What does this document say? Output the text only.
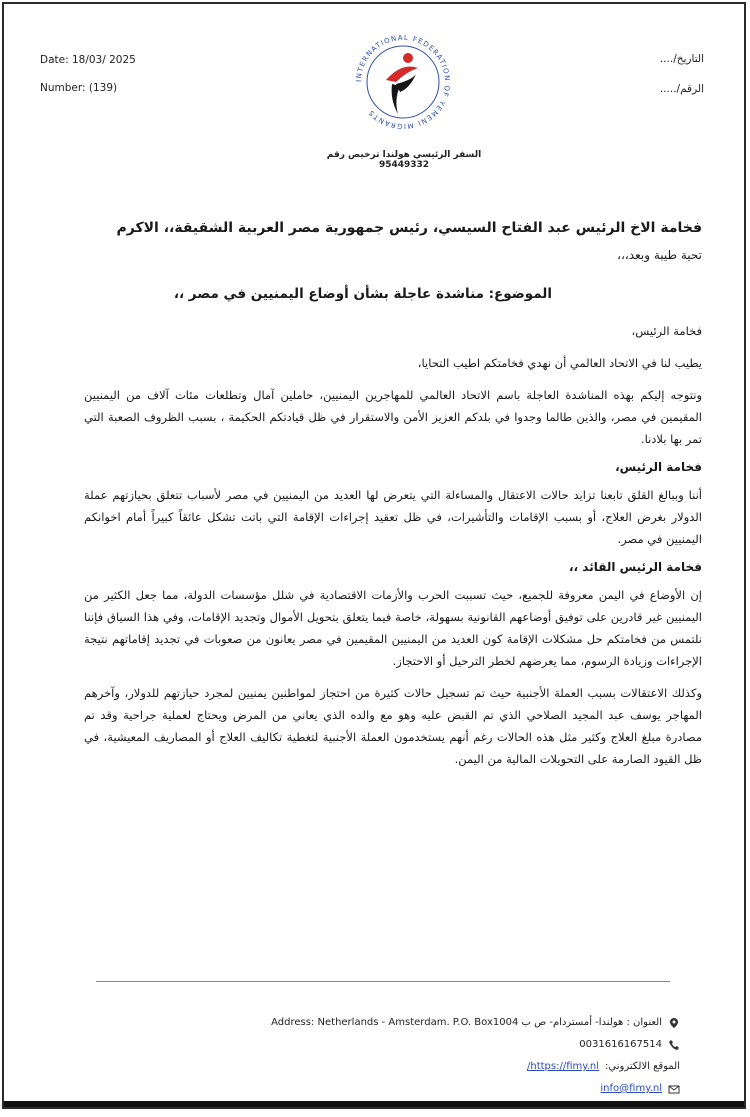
Date: 18/03/ 2025
Number: (139)
التاريخ/....
الرقم/.....
INTERNATIONAL FEDERATION OF YEMENI MIGRANTS
السفر الرئيسي هولندا ترخيص رقم 95449332
فخامة الاخ الرئيس عبد الفتاح السيسي، رئيس جمهورية مصر العربية الشقيقة،، الاكرم
تحية طيبة وبعد،،،
الموضوع: مناشدة عاجلة بشأن أوضاع اليمنيين في مصر ،،
فخامة الرئيس،
يطيب لنا في الاتحاد العالمي أن نهدي فخامتكم اطيب التحايا،
ونتوجه إليكم بهذه المناشدة العاجلة باسم الاتحاد العالمي للمهاجرين اليمنيين، حاملين آمال وتطلعات مئات آلاف من اليمنيين المقيمين في مصر، والذين طالما وجدوا في بلدكم العزيز الأمن والاستقرار في ظل قيادتكم الحكيمة ، بسبب الظروف الصعبة التي تمر بها بلادنا.
فخامة الرئيس،
أننا وببالغ القلق تابعنا تزايد حالات الاعتقال والمساءلة التي يتعرض لها العديد من اليمنيين في مصر لأسباب تتعلق بحيازتهم عملة الدولار بغرض العلاج، أو بسبب الإقامات والتأشيرات، في ظل تعقيد إجراءات الإقامة التي باتت تشكل عائقاً كبيراً أمام اخوانكم اليمنيين في مصر.
فخامة الرئيس القائد ،،
إن الأوضاع في اليمن معروفة للجميع، حيث تسببت الحرب والأزمات الاقتصادية في شلل مؤسسات الدولة، مما جعل الكثير من اليمنيين غير قادرين على توفيق أوضاعهم القانونية بسهولة، خاصة فيما يتعلق بتحويل الأموال وتجديد الإقامات، وفي هذا السياق فإننا نلتمس من فخامتكم حل مشكلات الإقامة كون العديد من اليمنيين المقيمين في مصر يعانون من صعوبات في تجديد إقاماتهم نتيجة الإجراءات وزيادة الرسوم، مما يعرضهم لخطر الترحيل أو الاحتجاز.
وكذلك الاعتقالات بسبب العملة الأجنبية حيث تم تسجيل حالات كثيرة من احتجاز لمواطنين يمنيين لمجرد حيازتهم للدولار، وآخرهم المهاجر يوسف عبد المجيد الصلاحي الذي تم القبض عليه وهو مع والده الذي يعاني من المرض ويحتاج لعملية جراحية وقد تم مصادرة مبلغ العلاج وكثير مثل هذه الحالات رغم أنهم يستخدمون العملة الأجنبية لتغطية تكاليف العلاج أو المصاريف المعيشية، في ظل القيود الصارمة على التحويلات المالية من اليمن.
العنوان : هولندا- أمستردام- ص ب Address: Netherlands - Amsterdam. P.O. Box1004
0031616167514
الموقع الالكتروني:
https://fimy.nl/
info@fimy.nl
